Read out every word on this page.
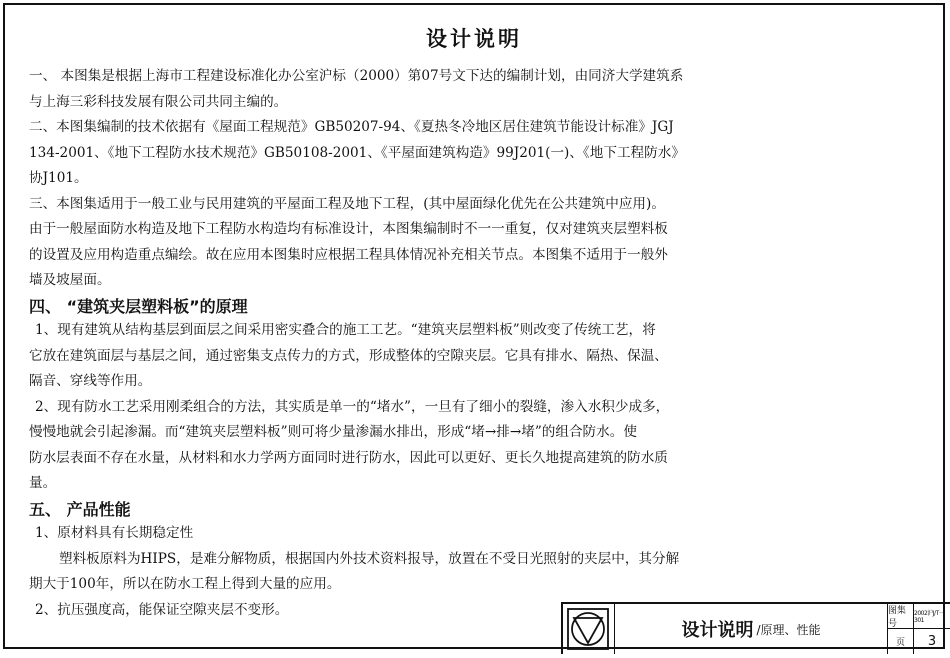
设计说明

一、 本图集是根据上海市工程建设标准化办公室沪标（2000）第07号文下达的编制计划，由同济大学建筑系

与上海三彩科技发展有限公司共同主编的。

二、本图集编制的技术依据有《屋面工程规范》GB50207-94、《夏热冬冷地区居住建筑节能设计标准》JGJ

134-2001、《地下工程防水技术规范》GB50108-2001、《平屋面建筑构造》99J201(一)、《地下工程防水》

协J101。

三、本图集适用于一般工业与民用建筑的平屋面工程及地下工程，(其中屋面绿化优先在公共建筑中应用)。

由于一般屋面防水构造及地下工程防水构造均有标准设计，本图集编制时不一一重复，仅对建筑夹层塑料板

的设置及应用构造重点编绘。故在应用本图集时应根据工程具体情况补充相关节点。本图集不适用于一般外

墙及坡屋面。

四、 “建筑夹层塑料板”的原理

1、现有建筑从结构基层到面层之间采用密实叠合的施工工艺。“建筑夹层塑料板”则改变了传统工艺，将

它放在建筑面层与基层之间，通过密集支点传力的方式，形成整体的空隙夹层。它具有排水、隔热、保温、

隔音、穿线等作用。

2、现有防水工艺采用刚柔组合的方法，其实质是单一的“堵水”，一旦有了细小的裂缝，渗入水积少成多，

慢慢地就会引起渗漏。而“建筑夹层塑料板”则可将少量渗漏水排出，形成“堵→排→堵”的组合防水。使

防水层表面不存在水量，从材料和水力学两方面同时进行防水，因此可以更好、更长久地提高建筑的防水质

量。

五、 产品性能

1、原材料具有长期稳定性

塑料板原料为HIPS，是难分解物质，根据国内外技术资料报导，放置在不受日光照射的夹层中，其分解

期大于100年，所以在防水工程上得到大量的应用。

2、抗压强度高，能保证空隙夹层不变形。

设计说明 /原理、性能
图集号
2002沪J/T－301
页	3
